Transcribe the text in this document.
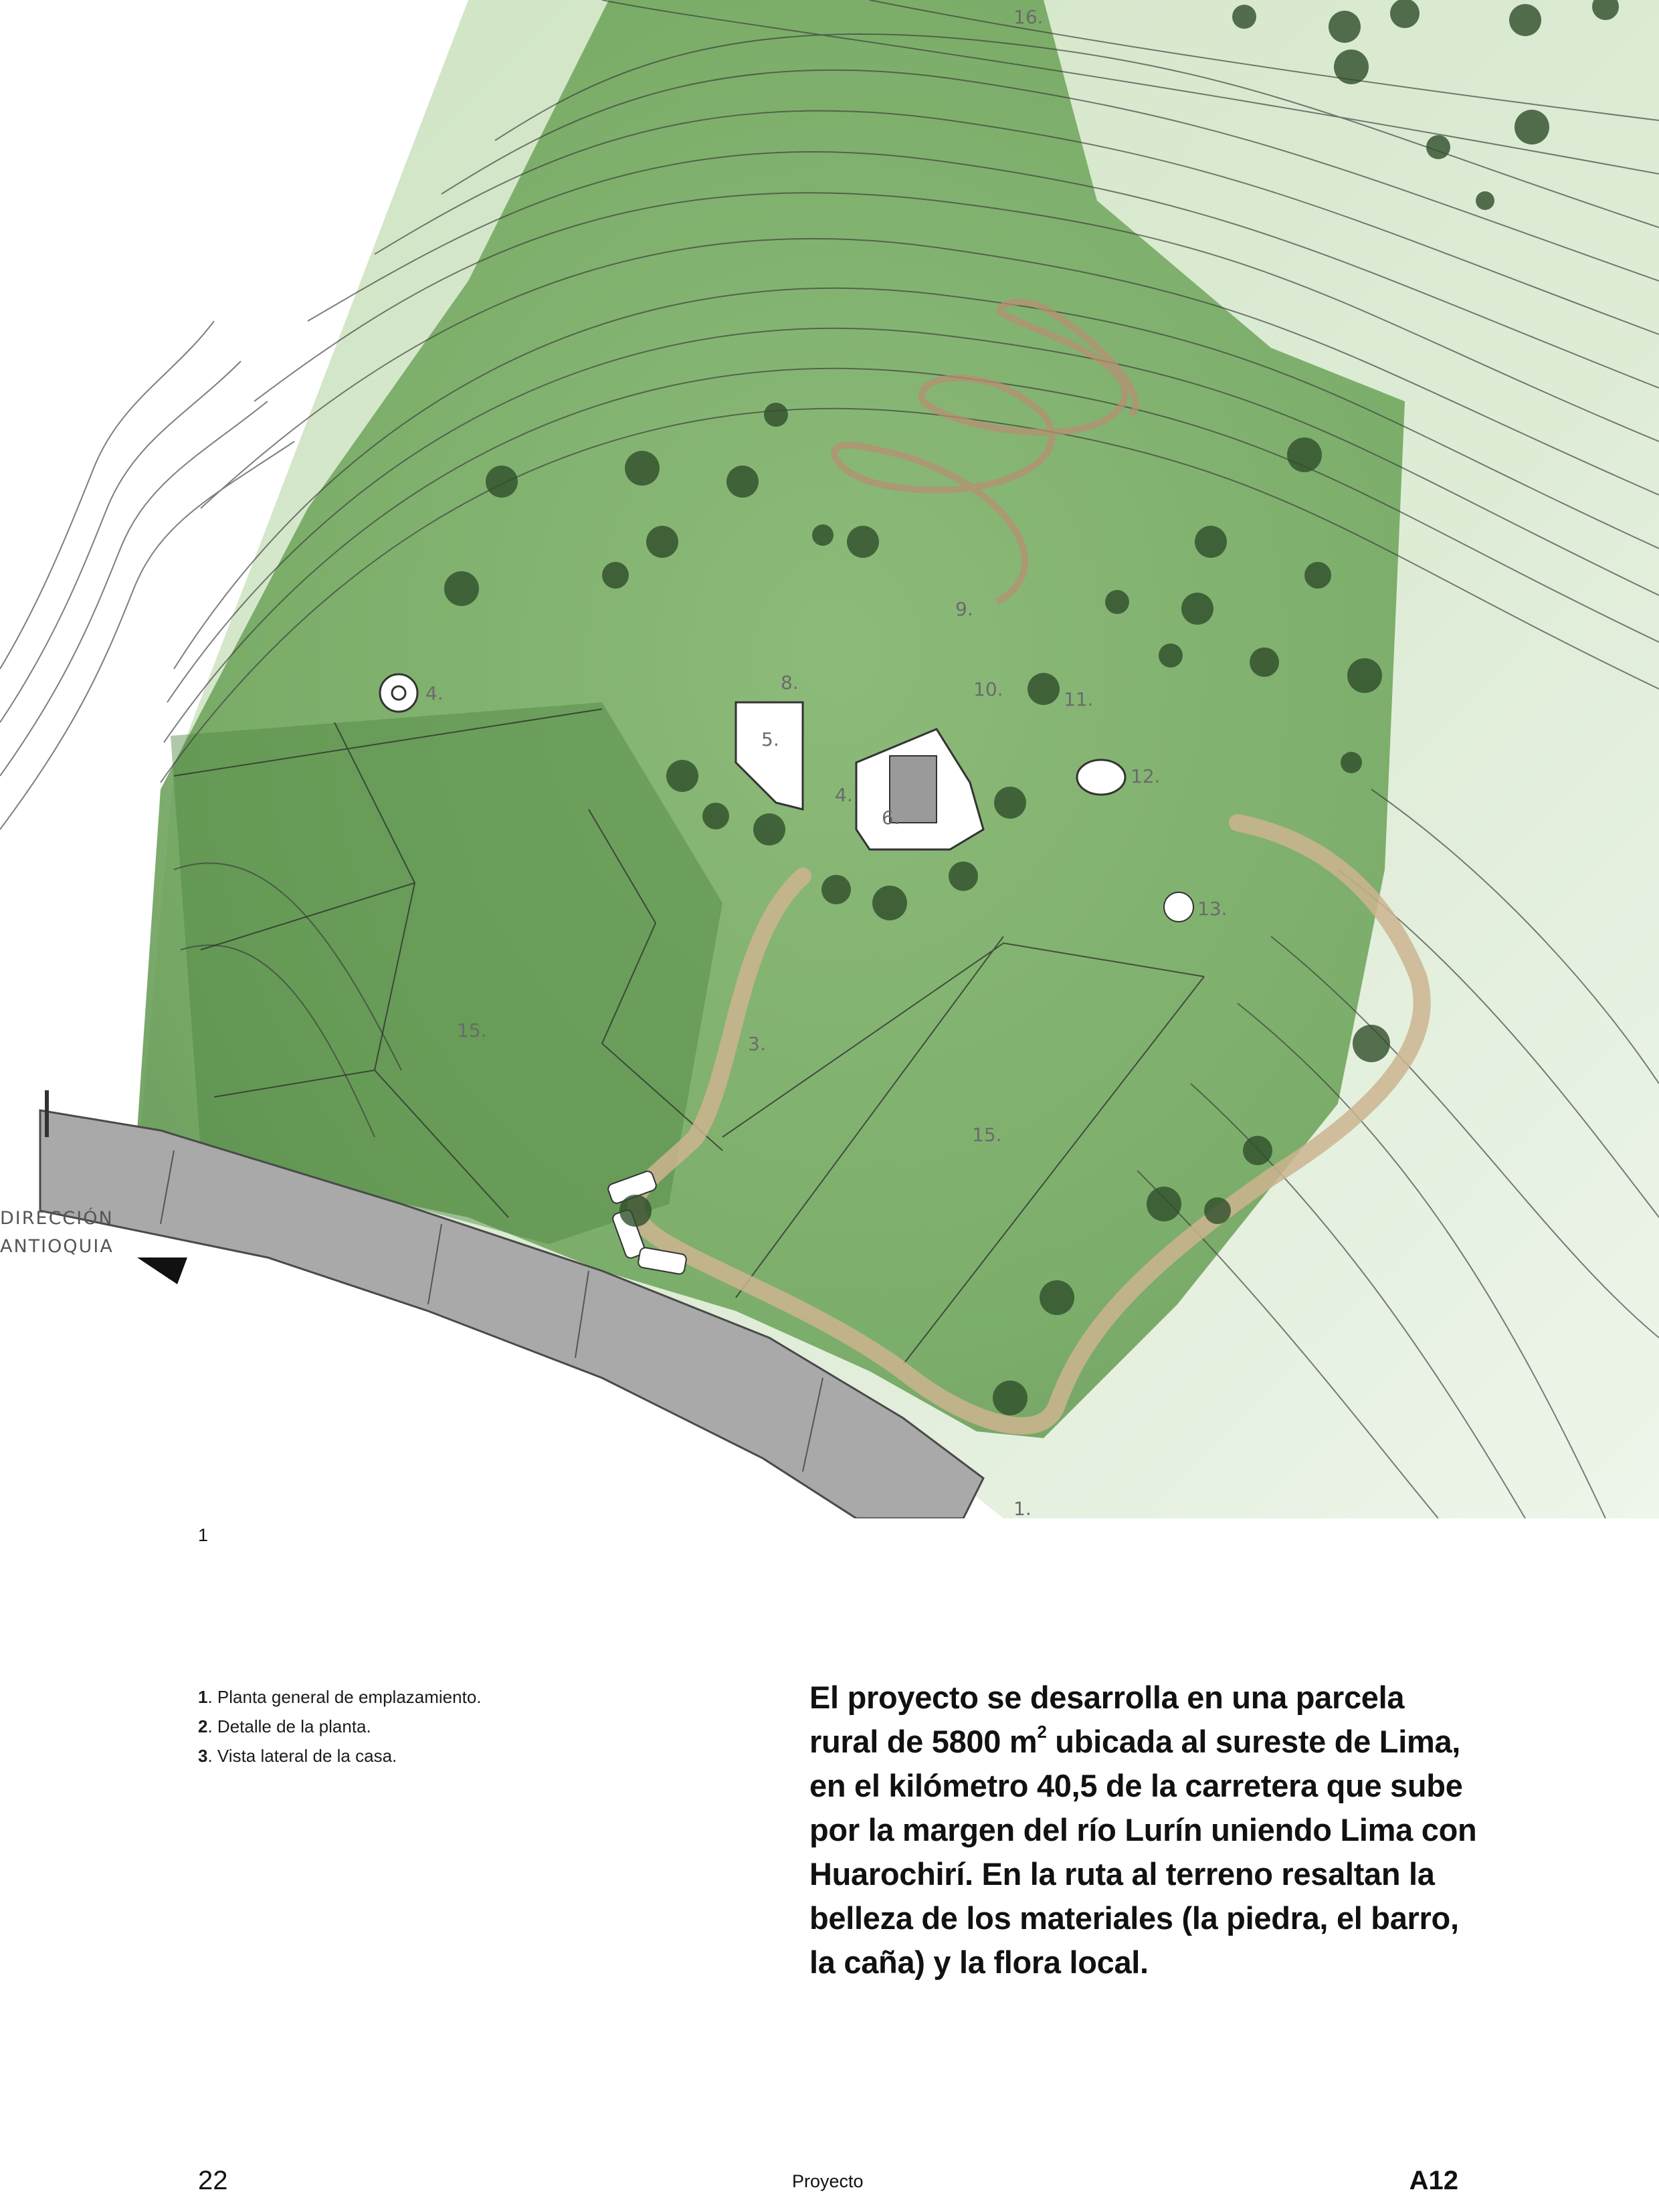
16.
9.
8.	10.	11.
4.
5.
4.
6.
12.
13.
15.
3.
15.
1.
DIRECCIÓN
ANTIOQUIA
1
1. Planta general de emplazamiento.
2. Detalle de la planta.
3. Vista lateral de la casa.

El proyecto se desarrolla en una parcela rural de 5800 $m^2$ ubicada al sureste de Lima, en el kilómetro 40,5 de la carretera que sube por la margen del río Lurín uniendo Lima con Huarochirí. En la ruta al terreno resaltan la belleza de los materiales (la piedra, el barro, la caña) y la flora local.

22	Proyecto	A12
